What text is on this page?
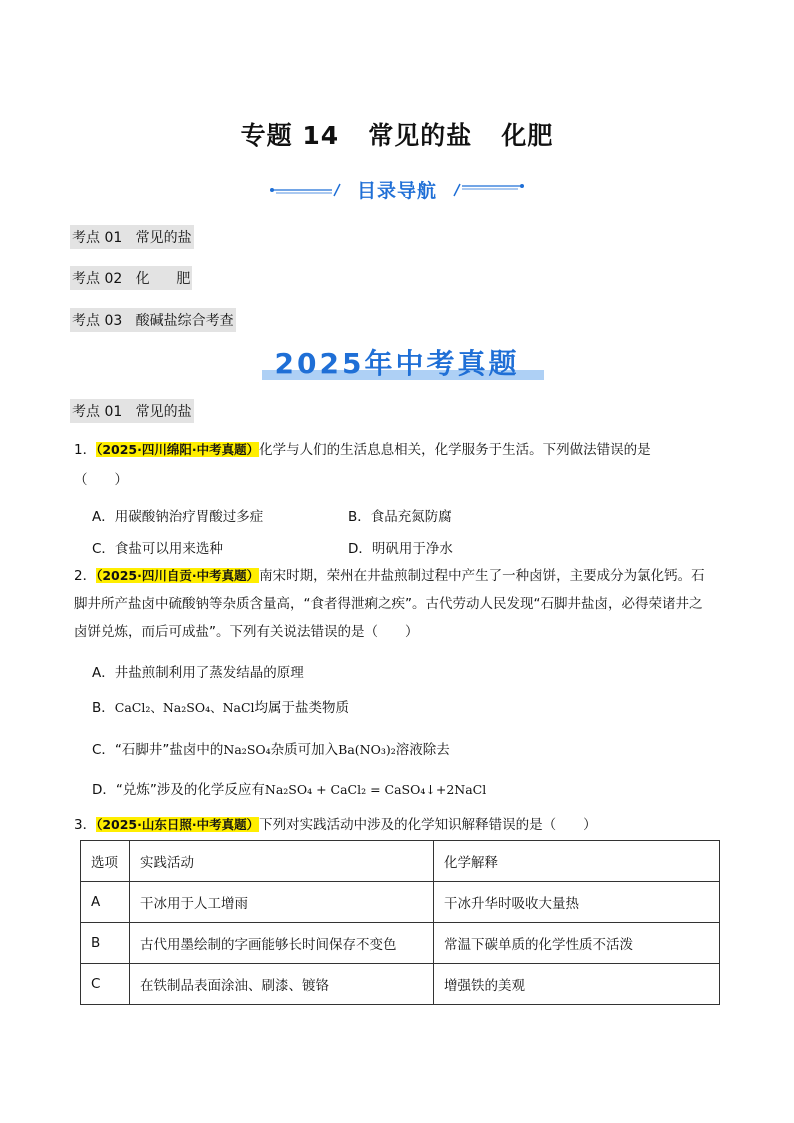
专题 14 常见的盐 化肥
目录导航
考点 01 常见的盐
考点 02 化      肥
考点 03 酸碱盐综合考查
2025年中考真题
考点 01 常见的盐
1．（2025·四川绵阳·中考真题）化学与人们的生活息息相关，化学服务于生活。下列做法错误的是
（　　）
A．用碳酸钠治疗胃酸过多症	B．食品充氮防腐
C．食盐可以用来选种	D．明矾用于净水
2．（2025·四川自贡·中考真题）南宋时期，荣州在井盐煎制过程中产生了一种卤饼，主要成分为氯化钙。石
脚井所产盐卤中硫酸钠等杂质含量高，“食者得泄痢之疾”。古代劳动人民发现“石脚井盐卤，必得荣诸井之
卤饼兑炼，而后可成盐”。下列有关说法错误的是（　　）
A．井盐煎制利用了蒸发结晶的原理
B．CaCl₂、Na₂SO₄、NaCl均属于盐类物质
C．“石脚井”盐卤中的Na₂SO₄杂质可加入Ba(NO₃)₂溶液除去
D．“兑炼”涉及的化学反应有Na₂SO₄ + CaCl₂ = CaSO₄↓+2NaCl
3．（2025·山东日照·中考真题）下列对实践活动中涉及的化学知识解释错误的是（　　）
选项	实践活动	化学解释
A	干冰用于人工增雨	干冰升华时吸收大量热
B	古代用墨绘制的字画能够长时间保存不变色	常温下碳单质的化学性质不活泼
C	在铁制品表面涂油、刷漆、镀铬	增强铁的美观
